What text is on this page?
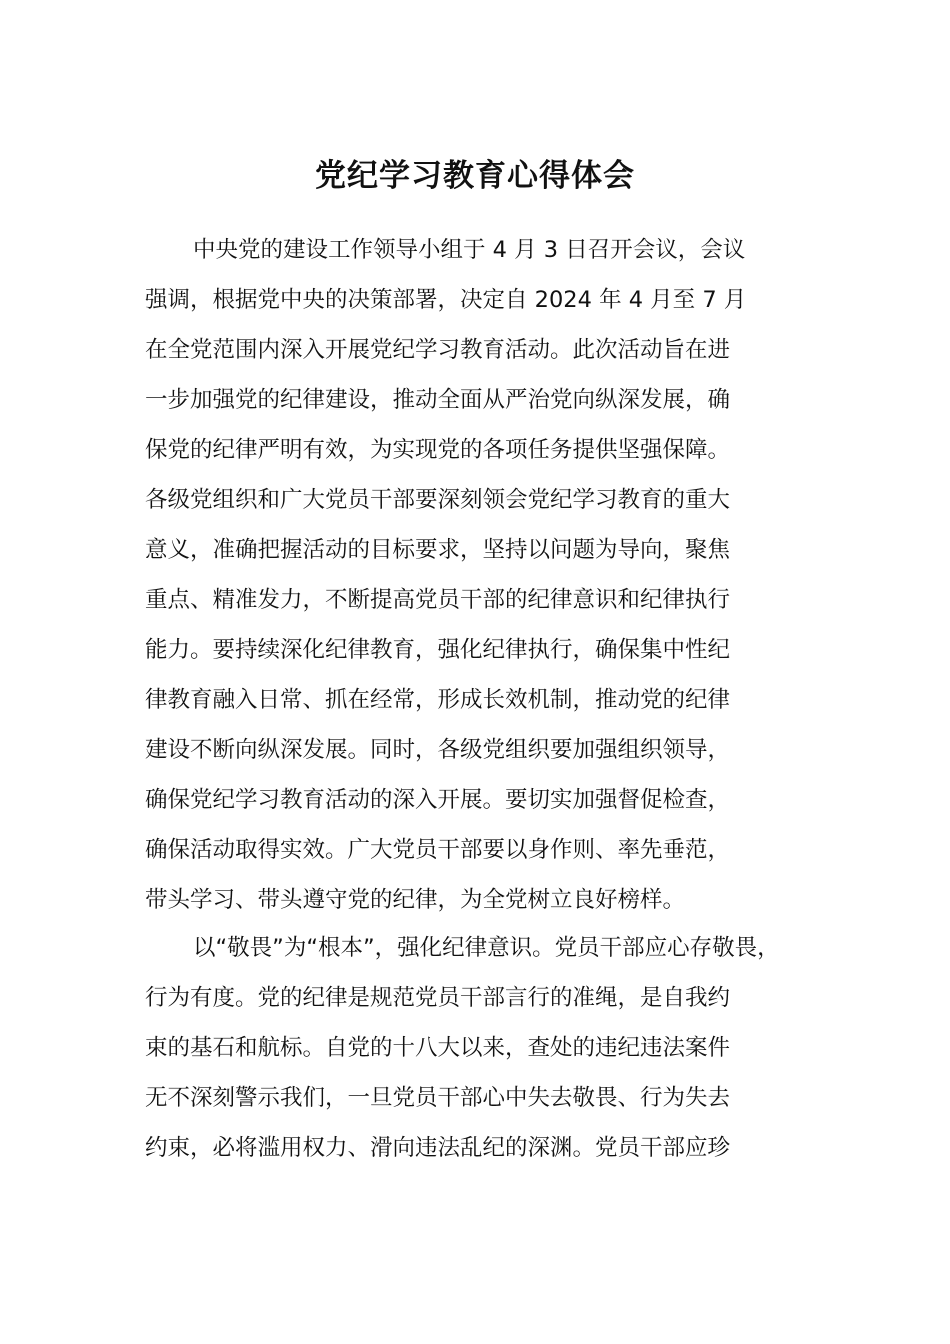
党纪学习教育心得体会

中央党的建设工作领导小组于 4 月 3 日召开会议，会议

强调，根据党中央的决策部署，决定自 2024 年 4 月至 7 月

在全党范围内深入开展党纪学习教育活动。此次活动旨在进

一步加强党的纪律建设，推动全面从严治党向纵深发展，确

保党的纪律严明有效，为实现党的各项任务提供坚强保障。

各级党组织和广大党员干部要深刻领会党纪学习教育的重大

意义，准确把握活动的目标要求，坚持以问题为导向，聚焦

重点、精准发力，不断提高党员干部的纪律意识和纪律执行

能力。要持续深化纪律教育，强化纪律执行，确保集中性纪

律教育融入日常、抓在经常，形成长效机制，推动党的纪律

建设不断向纵深发展。同时，各级党组织要加强组织领导，

确保党纪学习教育活动的深入开展。要切实加强督促检查，

确保活动取得实效。广大党员干部要以身作则、率先垂范，

带头学习、带头遵守党的纪律，为全党树立良好榜样。

以“敬畏”为“根本”，强化纪律意识。党员干部应心存敬畏，

行为有度。党的纪律是规范党员干部言行的准绳，是自我约

束的基石和航标。自党的十八大以来，查处的违纪违法案件

无不深刻警示我们，一旦党员干部心中失去敬畏、行为失去

约束，必将滥用权力、滑向违法乱纪的深渊。党员干部应珍
